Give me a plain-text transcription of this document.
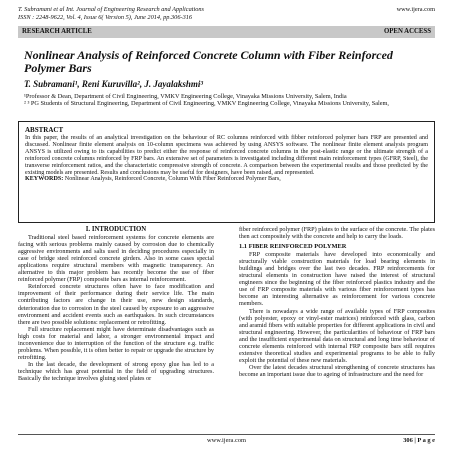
T. Subramani et al Int. Journal of Engineering Research and Applications
ISSN : 2248-9622, Vol. 4, Issue 6( Version 5), June 2014, pp.306-316
www.ijera.com
RESEARCH ARTICLE	OPEN ACCESS
Nonlinear Analysis of Reinforced Concrete Column with Fiber Reinforced Polymer Bars
T. Subramani¹, Reni Kuruvilla², J. Jayalakshmi³
¹Professor & Dean, Department of Civil Engineering, VMKV Engineering College, Vinayaka Missions University, Salem, India
² ³ PG Students of Structural Engineering, Department of Civil Engineering, VMKV Engineering College, Vinayaka Missions University, Salem,
ABSTRACT

In this paper, the results of an analytical investigation on the behaviour of RC columns reinforced with fibber reinforced polymer bars FRP are presented and discussed. Nonlinear finite element analysis on 10-column specimens was achieved by using ANSYS software. The nonlinear finite element analysis program ANSYS is utilized owing to its capabilities to predict either the response of reinforced concrete columns in the post-elastic range or the ultimate strength of a reinforced concrete columns reinforced by FRP bars. An extensive set of parameters is investigated including different main reinforcement types (GFRP, Steel), the transverse reinforcement ratios, and the characteristic compressive strength of concrete. A comparison between the experimental results and those predicted by the existing models are presented. Results and conclusions may be useful for designers, have been raised, and represented.

KEYWORDS: Nonlinear Analysis, Reinforced Concrete, Column With Fiber Reinforced Polymer Bars,

I. INTRODUCTION

Traditional steel based reinforcement systems for concrete elements are facing with serious problems mainly caused by corrosion due to chemically aggressive environments and salts used in deciding procedures especially in case of bridge steel reinforced concrete girders. Also in some cases special applications require structural members with magnetic transparency. An alternative to this major problem has recently become the use of fiber reinforced polymer (FRP) composite bars as internal reinforcement.

Reinforced concrete structures often have to face modification and improvement of their performance during their service life. The main contributing factors are change in their use, new design standards, deterioration due to corrosion in the steel caused by exposure to an aggressive environment and accident events such as earthquakes. In such circumstances there are two possible solutions: replacement or retrofitting.

Full structure replacement might have determinate disadvantages such as high costs for material and labor, a stronger environmental impact and inconvenience due to interruption of the function of the structure e.g. traffic problems. When possible, it is often better to repair or upgrade the structure by retrofitting.

In the last decade, the development of strong epoxy glue has led to a technique which has great potential in the field of upgrading structures. Basically the technique involves gluing steel plates or

fiber reinforced polymer (FRP) plates to the surface of the concrete. The plates then act compositely with the concrete and help to carry the loads.

1.1 FIBER REINFORCED POLYMER

FRP composite materials have developed into economically and structurally viable construction materials for load bearing elements in buildings and bridges over the last two decades. FRP reinforcements for structural elements in construction have raised the interest of structural engineers since the beginning of the fiber reinforced plastics industry and the use of FRP composite materials with various fiber reinforcement types has become an interesting alternative as reinforcement for various concrete members.

There is nowadays a wide range of available types of FRP composites (with polyester, epoxy or vinyl-ester matrices) reinforced with glass, carbon and aramid fibers with suitable properties for different applications in civil and structural engineering. However, the particularities of behaviour of FRP bars and the insufficient experimental data on structural and long time behaviour of concrete elements reinforced with internal FRP composite bars still requires extensive theoretical studies and experimental programs to be able to fully exploit the potential of these new materials.

Over the latest decades structural strengthening of concrete structures has become an important issue due to ageing of infrastructure and the need for

www.ijera.com	306 | P a g e
